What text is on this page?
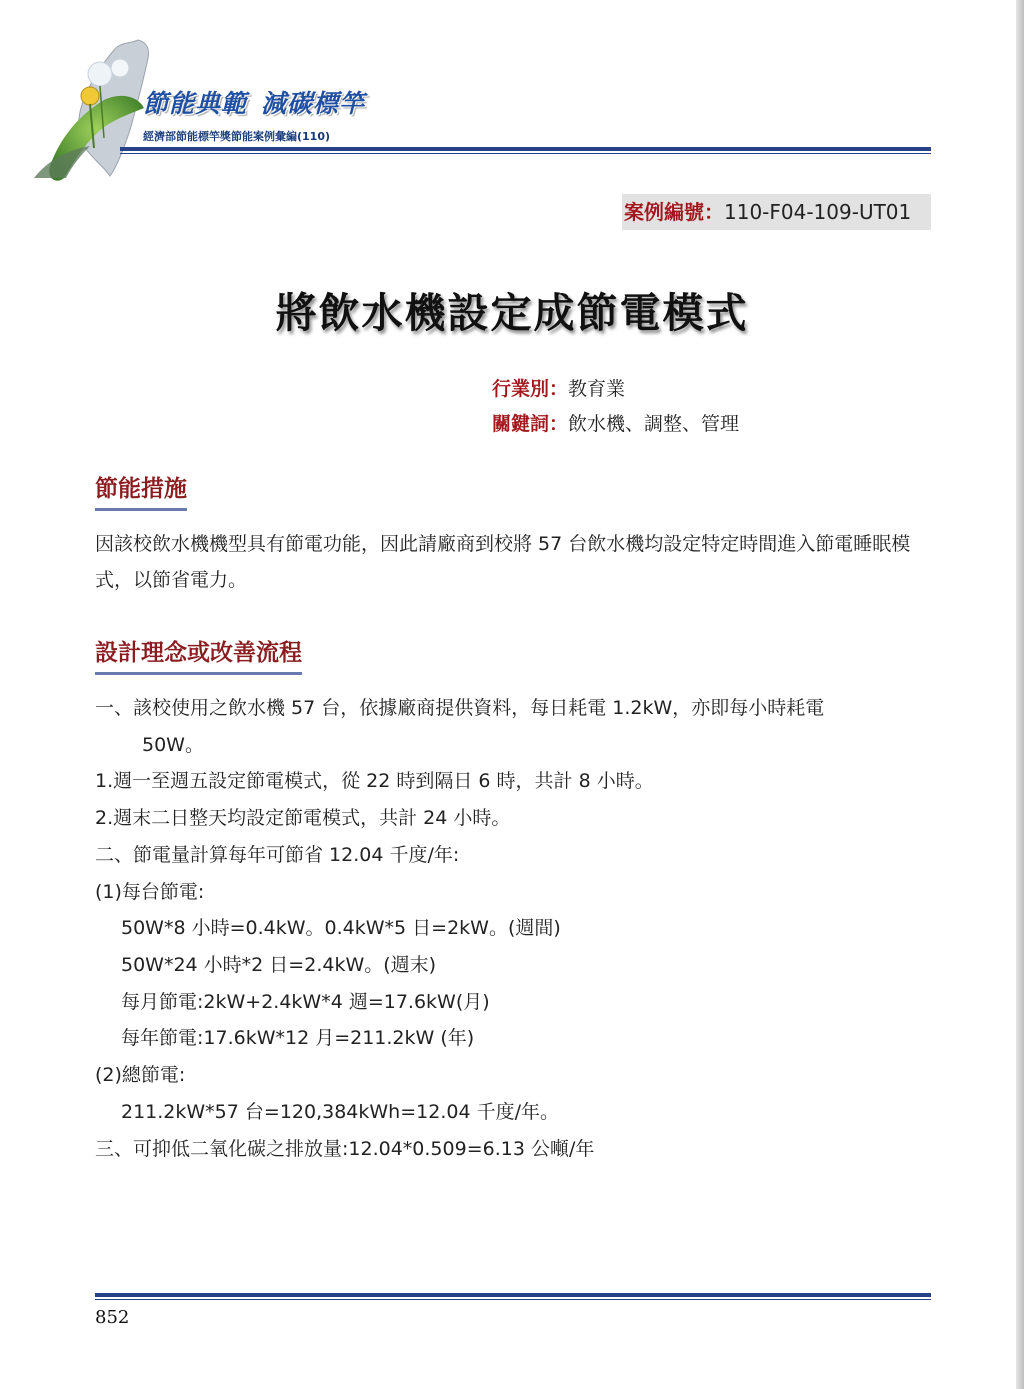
節能典範 減碳標竿
經濟部節能標竿獎節能案例彙編(110)
案例編號：110-F04-109-UT01
將飲水機設定成節電模式
行業別：教育業
關鍵詞：飲水機、調整、管理
節能措施
因該校飲水機機型具有節電功能，因此請廠商到校將 57 台飲水機均設定特定時間進入節電睡眠模式，以節省電力。
設計理念或改善流程
一、該校使用之飲水機 57 台，依據廠商提供資料，每日耗電 1.2kW，亦即每小時耗電
50W。
1.週一至週五設定節電模式，從 22 時到隔日 6 時，共計 8 小時。
2.週末二日整天均設定節電模式，共計 24 小時。
二、節電量計算每年可節省 12.04 千度/年:
(1)每台節電:
50W*8 小時=0.4kW。0.4kW*5 日=2kW。(週間)
50W*24 小時*2 日=2.4kW。(週末)
每月節電:2kW+2.4kW*4 週=17.6kW(月)
每年節電:17.6kW*12 月=211.2kW (年)
(2)總節電:
211.2kW*57 台=120,384kWh=12.04 千度/年。
三、可抑低二氧化碳之排放量:12.04*0.509=6.13 公噸/年
852
